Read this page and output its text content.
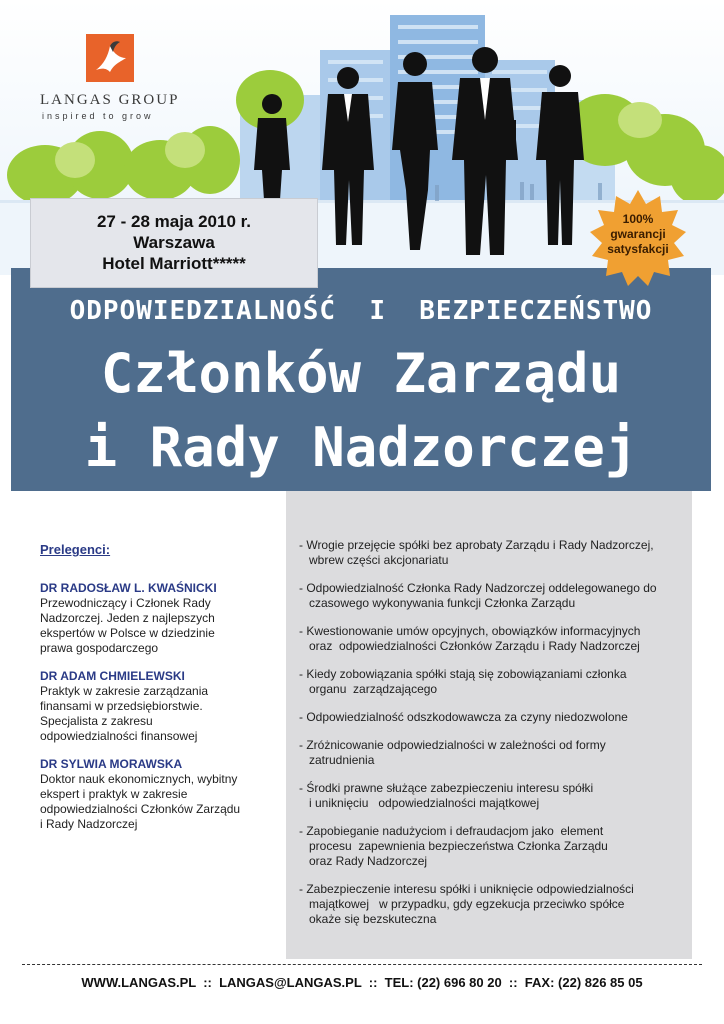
LANGAS GROUP
inspired to grow
27 - 28 maja 2010 r.
Warszawa
Hotel Marriott*****
100%
gwarancji
satysfakcji
ODPOWIEDZIALNOŚĆ  I  BEZPIECZEŃSTWO
Członków Zarządu
i Rady Nadzorczej
Prelegenci:
DR RADOSŁAW L. KWAŚNICKI
Przewodniczący i Członek Rady
Nadzorczej. Jeden z najlepszych
ekspertów w Polsce w dziedzinie
prawa gospodarczego
DR ADAM CHMIELEWSKI
Praktyk w zakresie zarządzania
finansami w przedsiębiorstwie.
Specjalista z zakresu
odpowiedzialności finansowej
DR SYLWIA MORAWSKA
Doktor nauk ekonomicznych, wybitny
ekspert i praktyk w zakresie
odpowiedzialności Członków Zarządu
i Rady Nadzorczej
- Wrogie przejęcie spółki bez aprobaty Zarządu i Rady Nadzorczej,
wbrew części akcjonariatu
- Odpowiedzialność Członka Rady Nadzorczej oddelegowanego do
czasowego wykonywania funkcji Członka Zarządu
- Kwestionowanie umów opcyjnych, obowiązków informacyjnych
oraz  odpowiedzialności Członków Zarządu i Rady Nadzorczej
- Kiedy zobowiązania spółki stają się zobowiązaniami członka
organu  zarządzającego
- Odpowiedzialność odszkodowawcza za czyny niedozwolone
- Zróżnicowanie odpowiedzialności w zależności od formy
zatrudnienia
- Środki prawne służące zabezpieczeniu interesu spółki
i uniknięciu   odpowiedzialności majątkowej
- Zapobieganie nadużyciom i defraudacjom jako  element
procesu  zapewnienia bezpieczeństwa Członka Zarządu
oraz Rady Nadzorczej
- Zabezpieczenie interesu spółki i uniknięcie odpowiedzialności
majątkowej   w przypadku, gdy egzekucja przeciwko spółce
okaże się bezskuteczna
WWW.LANGAS.PL  ::  LANGAS@LANGAS.PL  ::  TEL: (22) 696 80 20  ::  FAX: (22) 826 85 05
